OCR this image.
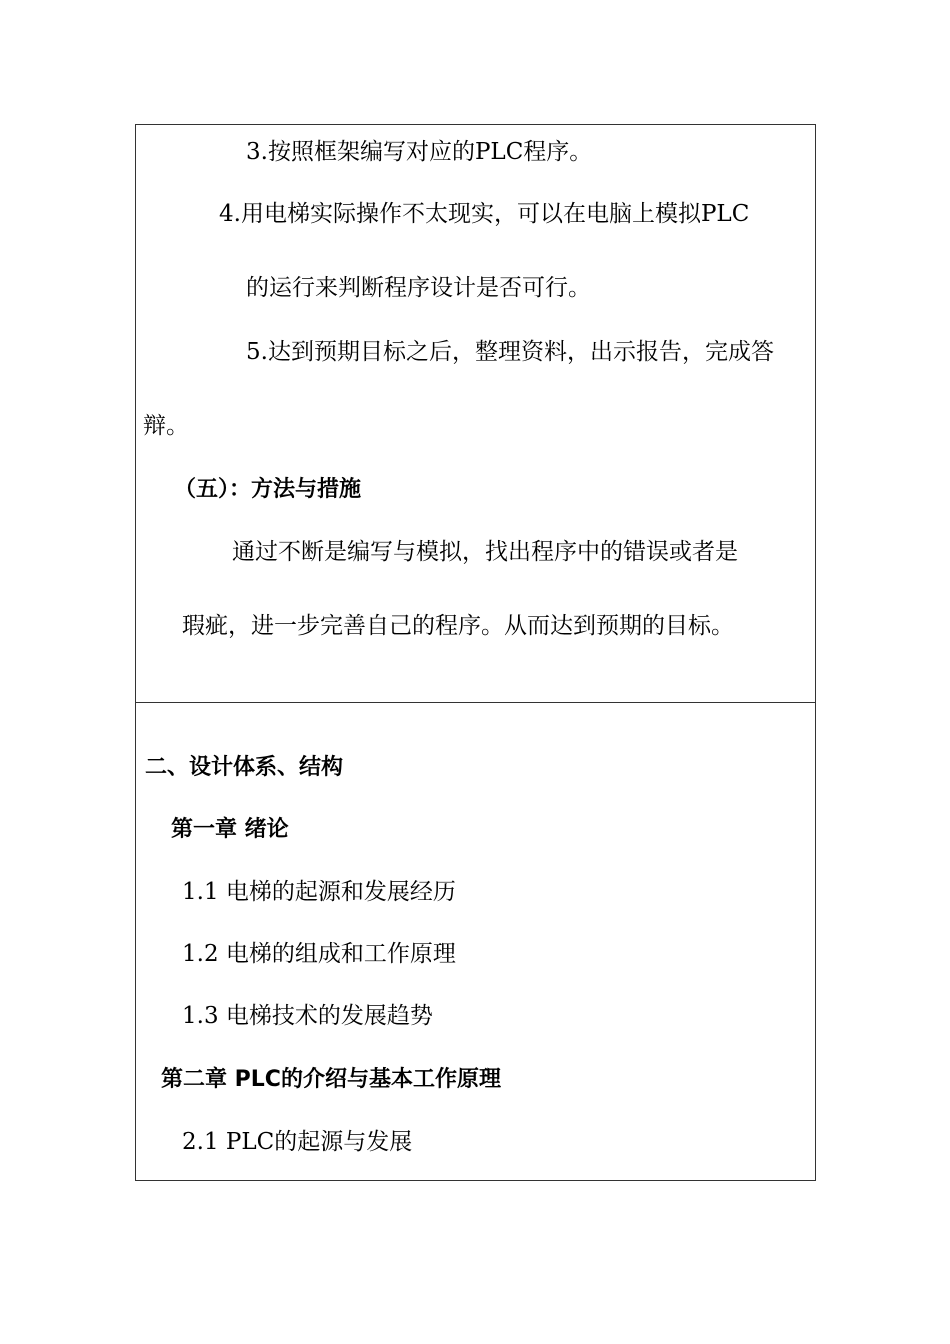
3.按照框架编写对应的PLC程序。
4.用电梯实际操作不太现实，可以在电脑上模拟PLC
的运行来判断程序设计是否可行。
5.达到预期目标之后，整理资料，出示报告，完成答
辩。
（五）：方法与措施
通过不断是编写与模拟，找出程序中的错误或者是
瑕疵，进一步完善自己的程序。从而达到预期的目标。
二、设计体系、结构
第一章 绪论
1.1 电梯的起源和发展经历
1.2 电梯的组成和工作原理
1.3 电梯技术的发展趋势
第二章 PLC的介绍与基本工作原理
2.1 PLC的起源与发展
